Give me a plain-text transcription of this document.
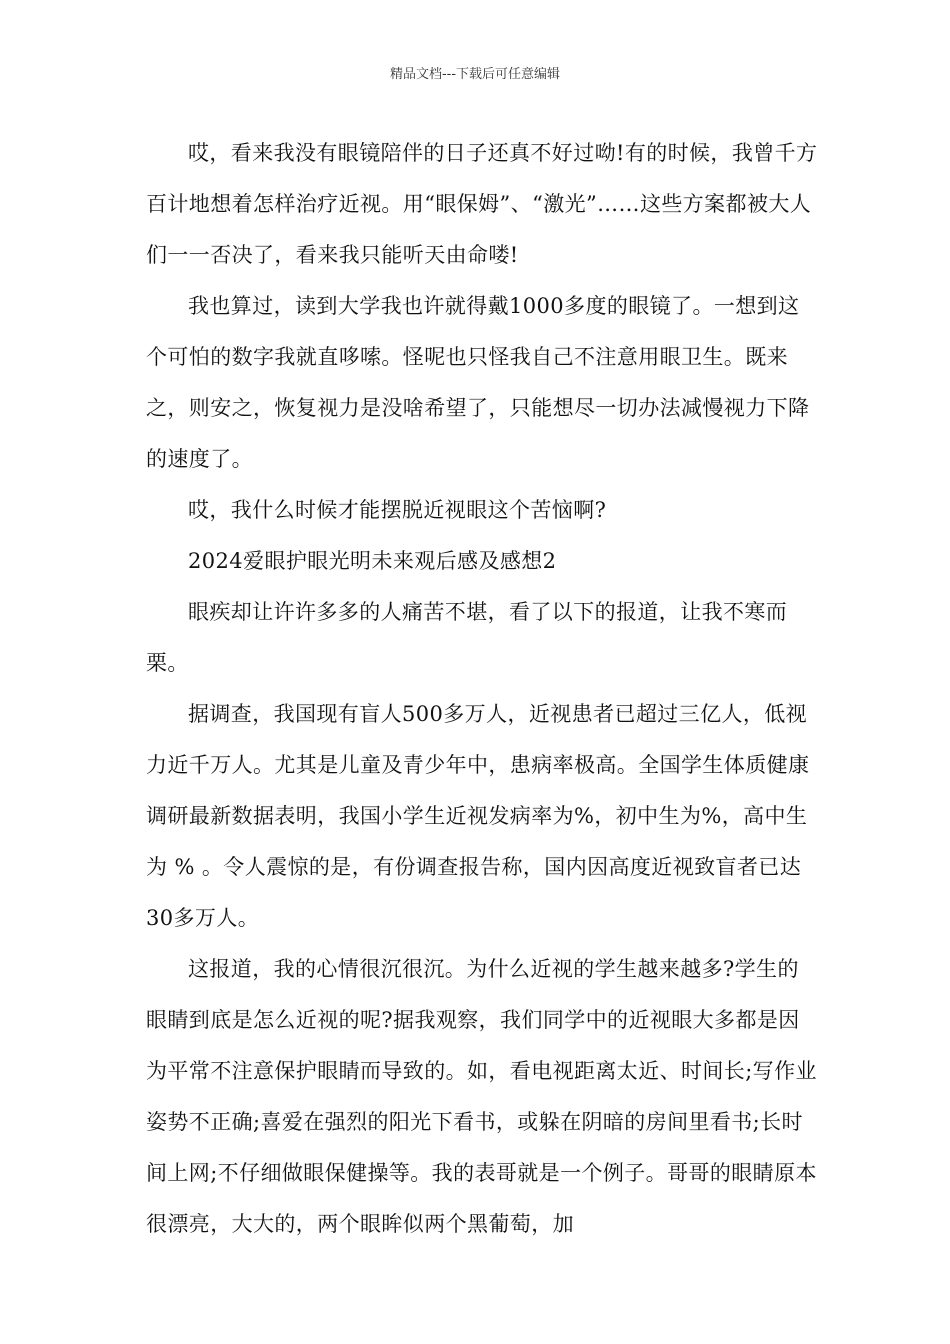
精品文档---下载后可任意编辑

哎，看来我没有眼镜陪伴的日子还真不好过呦!有的时候，我曾千方百计地想着怎样治疗近视。用“眼保姆”、“激光”……这些方案都被大人们一一否决了，看来我只能听天由命喽!

我也算过，读到大学我也许就得戴1000多度的眼镜了。一想到这个可怕的数字我就直哆嗦。怪呢也只怪我自己不注意用眼卫生。既来之，则安之，恢复视力是没啥希望了，只能想尽一切办法减慢视力下降的速度了。

哎，我什么时候才能摆脱近视眼这个苦恼啊?

2024爱眼护眼光明未来观后感及感想2

眼疾却让许许多多的人痛苦不堪，看了以下的报道，让我不寒而栗。

据调查，我国现有盲人500多万人，近视患者已超过三亿人，低视力近千万人。尤其是儿童及青少年中，患病率极高。全国学生体质健康调研最新数据表明，我国小学生近视发病率为%，初中生为%，高中生为 % 。令人震惊的是，有份调查报告称，国内因高度近视致盲者已达30多万人。

这报道，我的心情很沉很沉。为什么近视的学生越来越多?学生的眼睛到底是怎么近视的呢?据我观察，我们同学中的近视眼大多都是因为平常不注意保护眼睛而导致的。如，看电视距离太近、时间长;写作业姿势不正确;喜爱在强烈的阳光下看书，或躲在阴暗的房间里看书;长时间上网;不仔细做眼保健操等。我的表哥就是一个例子。哥哥的眼睛原本很漂亮，大大的，两个眼眸似两个黑葡萄，加
